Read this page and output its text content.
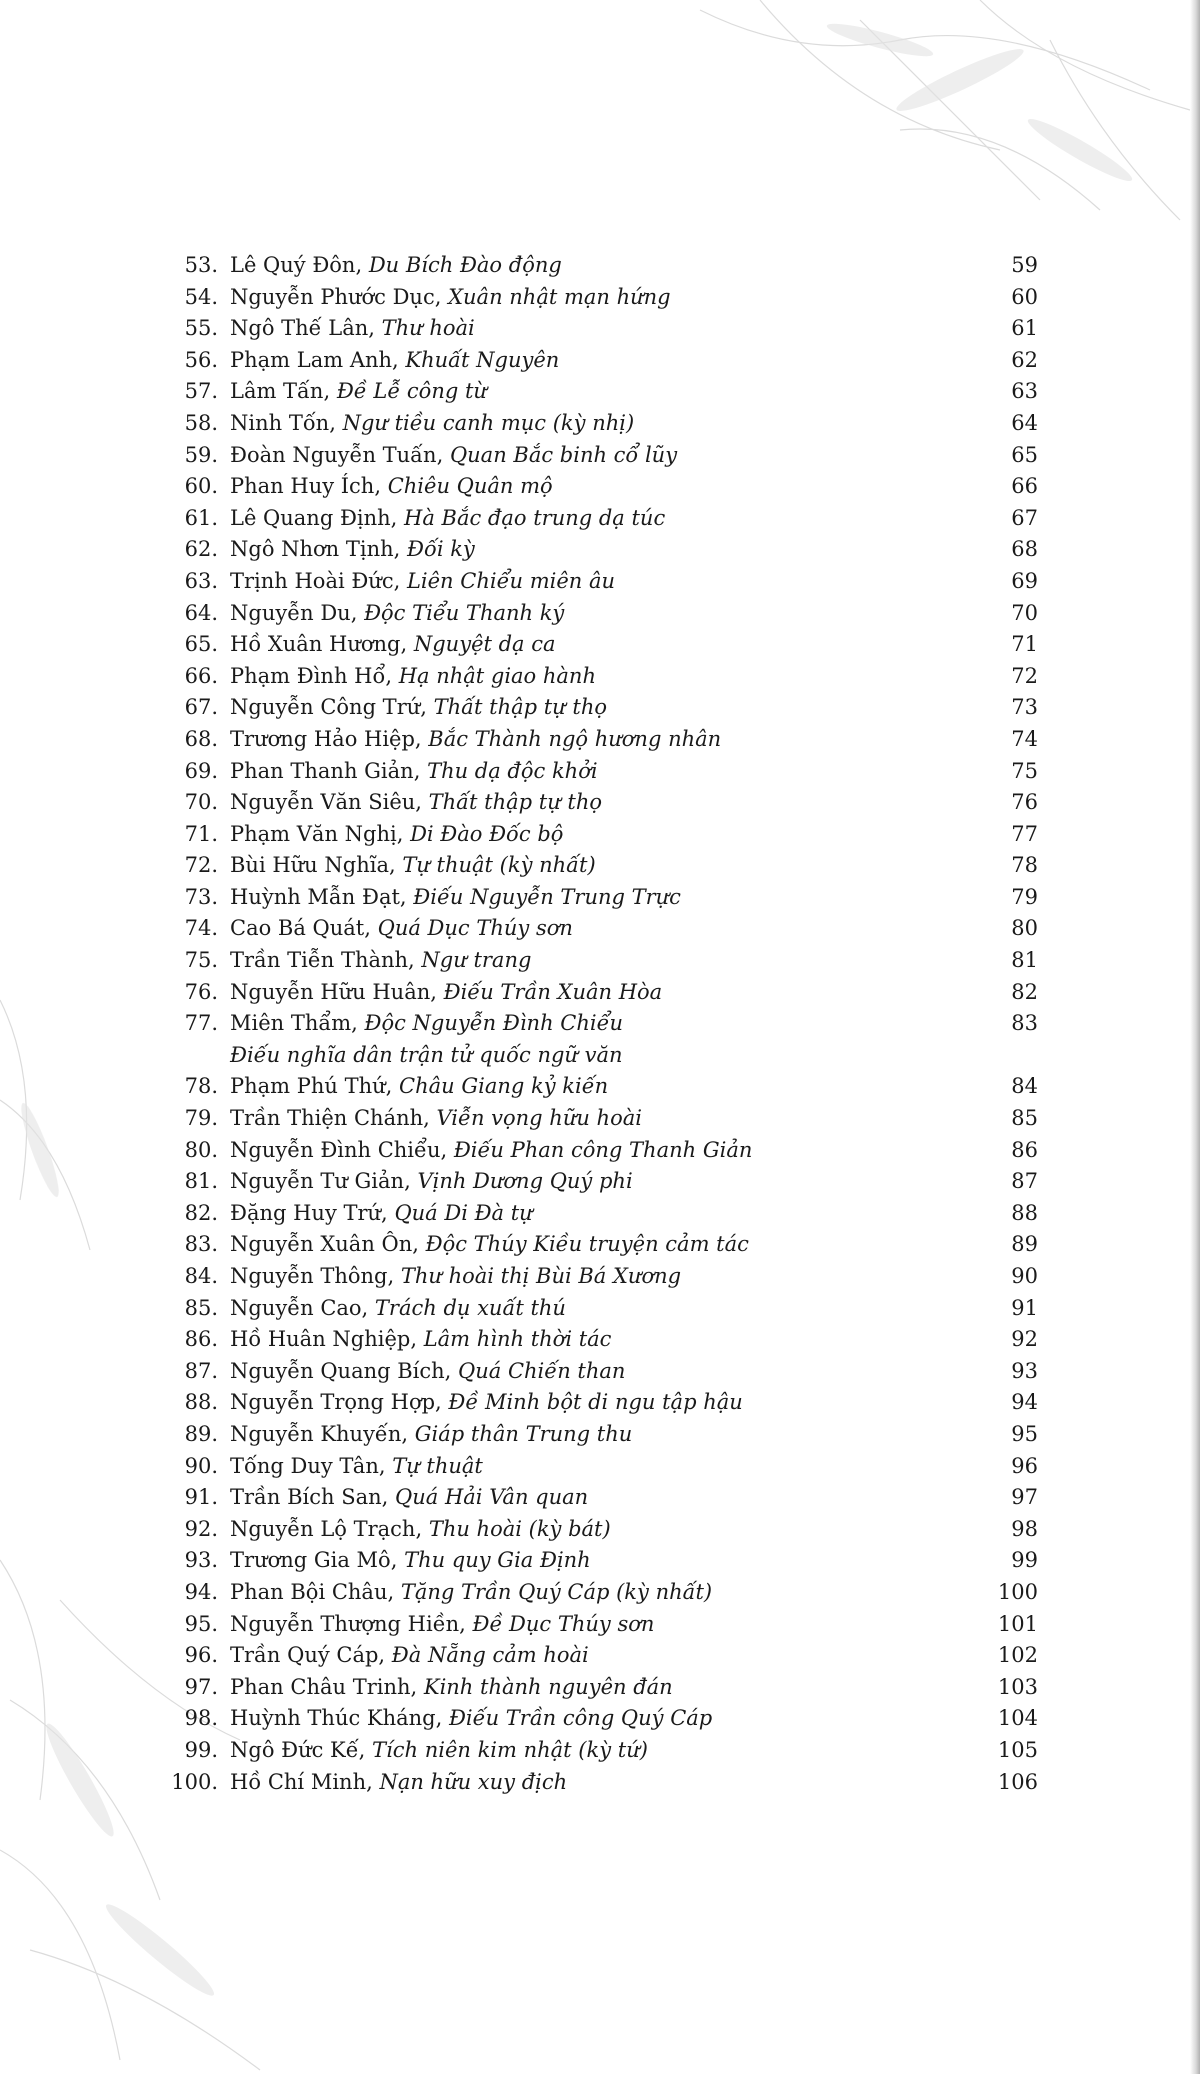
53. Lê Quý Đôn, Du Bích Đào động	59
54. Nguyễn Phước Dục, Xuân nhật mạn hứng	60
55. Ngô Thế Lân, Thư hoài	61
56. Phạm Lam Anh, Khuất Nguyên	62
57. Lâm Tấn, Đề Lễ công từ	63
58. Ninh Tốn, Ngư tiều canh mục (kỳ nhị)	64
59. Đoàn Nguyễn Tuấn, Quan Bắc binh cổ lũy	65
60. Phan Huy Ích, Chiêu Quân mộ	66
61. Lê Quang Định, Hà Bắc đạo trung dạ túc	67
62. Ngô Nhơn Tịnh, Đối kỳ	68
63. Trịnh Hoài Đức, Liên Chiểu miên âu	69
64. Nguyễn Du, Độc Tiểu Thanh ký	70
65. Hồ Xuân Hương, Nguyệt dạ ca	71
66. Phạm Đình Hổ, Hạ nhật giao hành	72
67. Nguyễn Công Trứ, Thất thập tự thọ	73
68. Trương Hảo Hiệp, Bắc Thành ngộ hương nhân	74
69. Phan Thanh Giản, Thu dạ độc khởi	75
70. Nguyễn Văn Siêu, Thất thập tự thọ	76
71. Phạm Văn Nghị, Di Đào Đốc bộ	77
72. Bùi Hữu Nghĩa, Tự thuật (kỳ nhất)	78
73. Huỳnh Mẫn Đạt, Điếu Nguyễn Trung Trực	79
74. Cao Bá Quát, Quá Dục Thúy sơn	80
75. Trần Tiễn Thành, Ngư trang	81
76. Nguyễn Hữu Huân, Điếu Trần Xuân Hòa	82
77. Miên Thẩm, Độc Nguyễn Đình Chiểu	83
Điếu nghĩa dân trận tử quốc ngữ văn
78. Phạm Phú Thứ, Châu Giang kỷ kiến	84
79. Trần Thiện Chánh, Viễn vọng hữu hoài	85
80. Nguyễn Đình Chiểu, Điếu Phan công Thanh Giản	86
81. Nguyễn Tư Giản, Vịnh Dương Quý phi	87
82. Đặng Huy Trứ, Quá Di Đà tự	88
83. Nguyễn Xuân Ôn, Độc Thúy Kiều truyện cảm tác	89
84. Nguyễn Thông, Thư hoài thị Bùi Bá Xương	90
85. Nguyễn Cao, Trách dụ xuất thú	91
86. Hồ Huân Nghiệp, Lâm hình thời tác	92
87. Nguyễn Quang Bích, Quá Chiến than	93
88. Nguyễn Trọng Hợp, Đề Minh bột di ngu tập hậu	94
89. Nguyễn Khuyến, Giáp thân Trung thu	95
90. Tống Duy Tân, Tự thuật	96
91. Trần Bích San, Quá Hải Vân quan	97
92. Nguyễn Lộ Trạch, Thu hoài (kỳ bát)	98
93. Trương Gia Mô, Thu quy Gia Định	99
94. Phan Bội Châu, Tặng Trần Quý Cáp (kỳ nhất)	100
95. Nguyễn Thượng Hiền, Đề Dục Thúy sơn	101
96. Trần Quý Cáp, Đà Nẵng cảm hoài	102
97. Phan Châu Trinh, Kinh thành nguyên đán	103
98. Huỳnh Thúc Kháng, Điếu Trần công Quý Cáp	104
99. Ngô Đức Kế, Tích niên kim nhật (kỳ tứ)	105
100. Hồ Chí Minh, Nạn hữu xuy địch	106
